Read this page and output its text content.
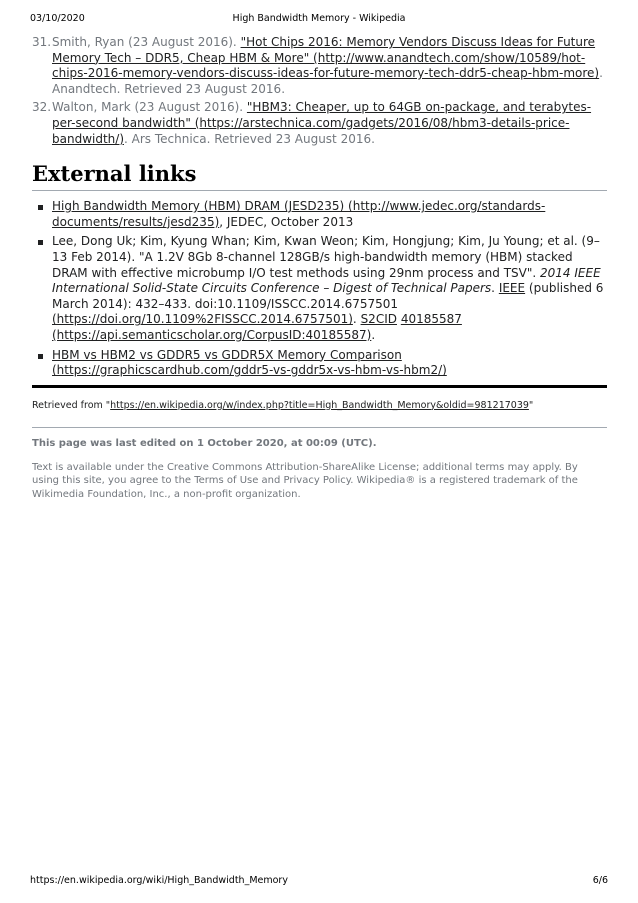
03/10/2020	High Bandwidth Memory - Wikipedia
31. Smith, Ryan (23 August 2016). "Hot Chips 2016: Memory Vendors Discuss Ideas for Future Memory Tech – DDR5, Cheap HBM & More" (http://www.anandtech.com/show/10589/hot-chips-2016-memory-vendors-discuss-ideas-for-future-memory-tech-ddr5-cheap-hbm-more). Anandtech. Retrieved 23 August 2016.
32. Walton, Mark (23 August 2016). "HBM3: Cheaper, up to 64GB on-package, and terabytes-per-second bandwidth" (https://arstechnica.com/gadgets/2016/08/hbm3-details-price-bandwidth/). Ars Technica. Retrieved 23 August 2016.
External links
High Bandwidth Memory (HBM) DRAM (JESD235) (http://www.jedec.org/standards-documents/results/jesd235), JEDEC, October 2013
Lee, Dong Uk; Kim, Kyung Whan; Kim, Kwan Weon; Kim, Hongjung; Kim, Ju Young; et al. (9–13 Feb 2014). "A 1.2V 8Gb 8-channel 128GB/s high-bandwidth memory (HBM) stacked DRAM with effective microbump I/O test methods using 29nm process and TSV". 2014 IEEE International Solid-State Circuits Conference – Digest of Technical Papers. IEEE (published 6 March 2014): 432–433. doi:10.1109/ISSCC.2014.6757501 (https://doi.org/10.1109%2FISSCC.2014.6757501). S2CID 40185587 (https://api.semanticscholar.org/CorpusID:40185587).
HBM vs HBM2 vs GDDR5 vs GDDR5X Memory Comparison (https://graphicscardhub.com/gddr5-vs-gddr5x-vs-hbm-vs-hbm2/)
Retrieved from "https://en.wikipedia.org/w/index.php?title=High_Bandwidth_Memory&oldid=981217039"
This page was last edited on 1 October 2020, at 00:09 (UTC).
Text is available under the Creative Commons Attribution-ShareAlike License; additional terms may apply. By using this site, you agree to the Terms of Use and Privacy Policy. Wikipedia® is a registered trademark of the Wikimedia Foundation, Inc., a non-profit organization.
https://en.wikipedia.org/wiki/High_Bandwidth_Memory	6/6
